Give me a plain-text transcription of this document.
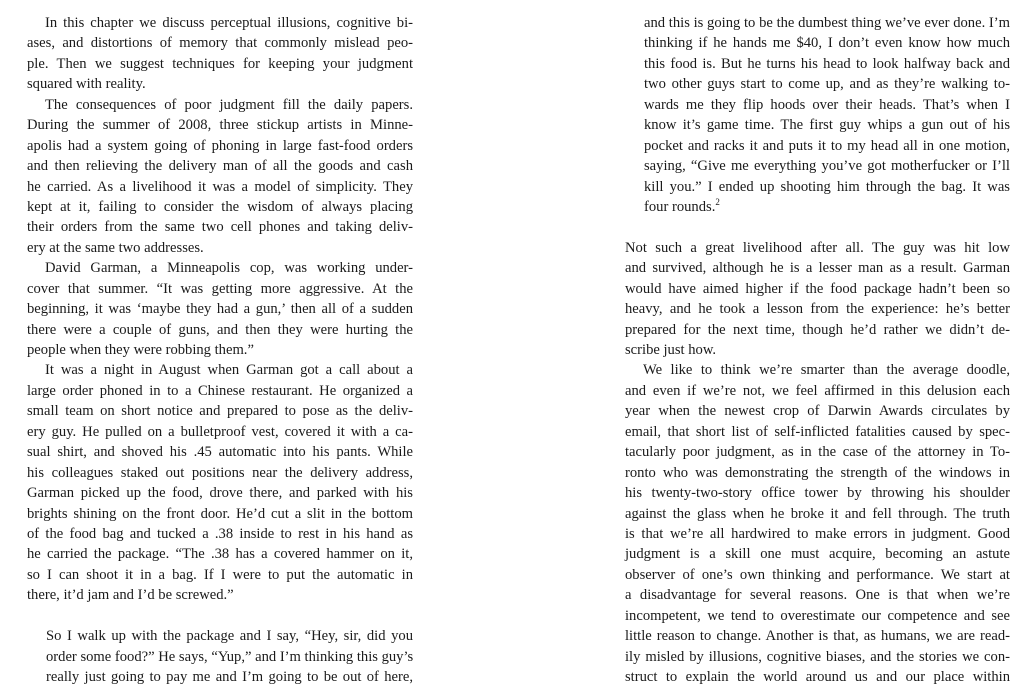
In this chapter we discuss perceptual illusions, cognitive bi-
ases, and distortions of memory that commonly mislead peo-
ple. Then we suggest techniques for keeping your judgment
squared with reality.
The consequences of poor judgment fill the daily papers.
During the summer of 2008, three stickup artists in Minne-
apolis had a system going of phoning in large fast-food orders
and then relieving the delivery man of all the goods and cash
he carried. As a livelihood it was a model of simplicity. They
kept at it, failing to consider the wisdom of always placing
their orders from the same two cell phones and taking deliv-
ery at the same two addresses.
David Garman, a Minneapolis cop, was working under-
cover that summer. “It was getting more aggressive. At the
beginning, it was ‘maybe they had a gun,’ then all of a sudden
there were a couple of guns, and then they were hurting the
people when they were robbing them.”
It was a night in August when Garman got a call about a
large order phoned in to a Chinese restaurant. He organized a
small team on short notice and prepared to pose as the deliv-
ery guy. He pulled on a bulletproof vest, covered it with a ca-
sual shirt, and shoved his .45 automatic into his pants. While
his colleagues staked out positions near the delivery address,
Garman picked up the food, drove there, and parked with his
brights shining on the front door. He’d cut a slit in the bottom
of the food bag and tucked a .38 inside to rest in his hand as
he carried the package. “The .38 has a covered hammer on it,
so I can shoot it in a bag. If I were to put the automatic in
there, it’d jam and I’d be screwed.”
So I walk up with the package and I say, “Hey, sir, did you
order some food?” He says, “Yup,” and I’m thinking this guy’s
really just going to pay me and I’m going to be out of here,
and this is going to be the dumbest thing we’ve ever done. I’m
thinking if he hands me $40, I don’t even know how much
this food is. But he turns his head to look halfway back and
two other guys start to come up, and as they’re walking to-
wards me they flip hoods over their heads. That’s when I
know it’s game time. The first guy whips a gun out of his
pocket and racks it and puts it to my head all in one motion,
saying, “Give me everything you’ve got motherfucker or I’ll
kill you.” I ended up shooting him through the bag. It was
four rounds.$^2$
Not such a great livelihood after all. The guy was hit low
and survived, although he is a lesser man as a result. Garman
would have aimed higher if the food package hadn’t been so
heavy, and he took a lesson from the experience: he’s better
prepared for the next time, though he’d rather we didn’t de-
scribe just how.
We like to think we’re smarter than the average doodle,
and even if we’re not, we feel affirmed in this delusion each
year when the newest crop of Darwin Awards circulates by
email, that short list of self-inflicted fatalities caused by spec-
tacularly poor judgment, as in the case of the attorney in To-
ronto who was demonstrating the strength of the windows in
his twenty-two-story office tower by throwing his shoulder
against the glass when he broke it and fell through. The truth
is that we’re all hardwired to make errors in judgment. Good
judgment is a skill one must acquire, becoming an astute
observer of one’s own thinking and performance. We start at
a disadvantage for several reasons. One is that when we’re
incompetent, we tend to overestimate our competence and see
little reason to change. Another is that, as humans, we are read-
ily misled by illusions, cognitive biases, and the stories we con-
struct to explain the world around us and our place within
